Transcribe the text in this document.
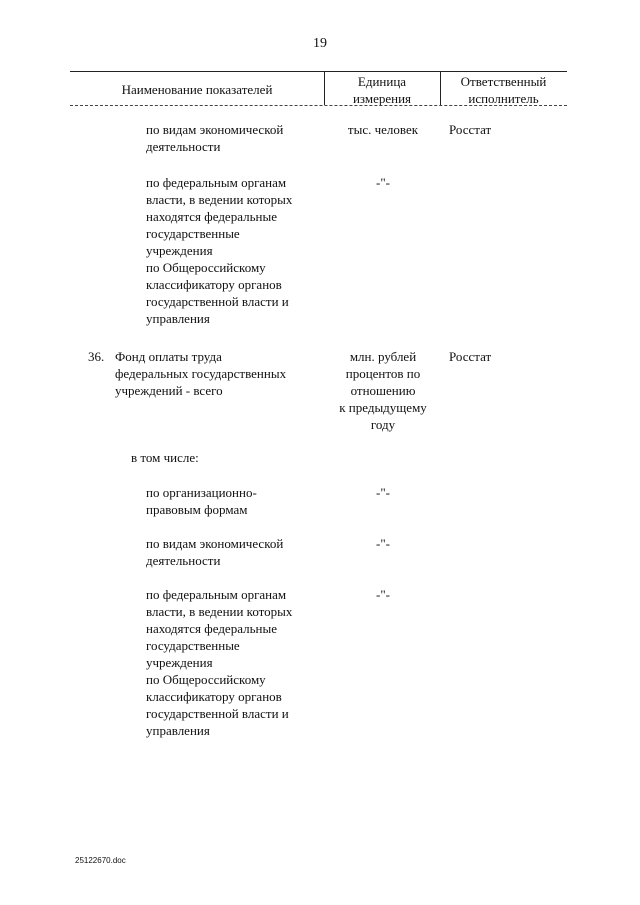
19
Наименование показателей
Единица
измерения
Ответственный
исполнитель
по видам экономической
деятельности
тыс. человек	Росстат
по федеральным органам
власти, в ведении которых
находятся федеральные
государственные
учреждения
по Общероссийскому
классификатору органов
государственной власти и
управления
-"-
36. Фонд оплаты труда
федеральных государственных
учреждений - всего
млн. рублей
процентов по
отношению
к предыдущему
году
Росстат
в том числе:
по организационно-
правовым формам
-"-
по видам экономической
деятельности
-"-
по федеральным органам
власти, в ведении которых
находятся федеральные
государственные
учреждения
по Общероссийскому
классификатору органов
государственной власти и
управления
-"-
25122670.doc
